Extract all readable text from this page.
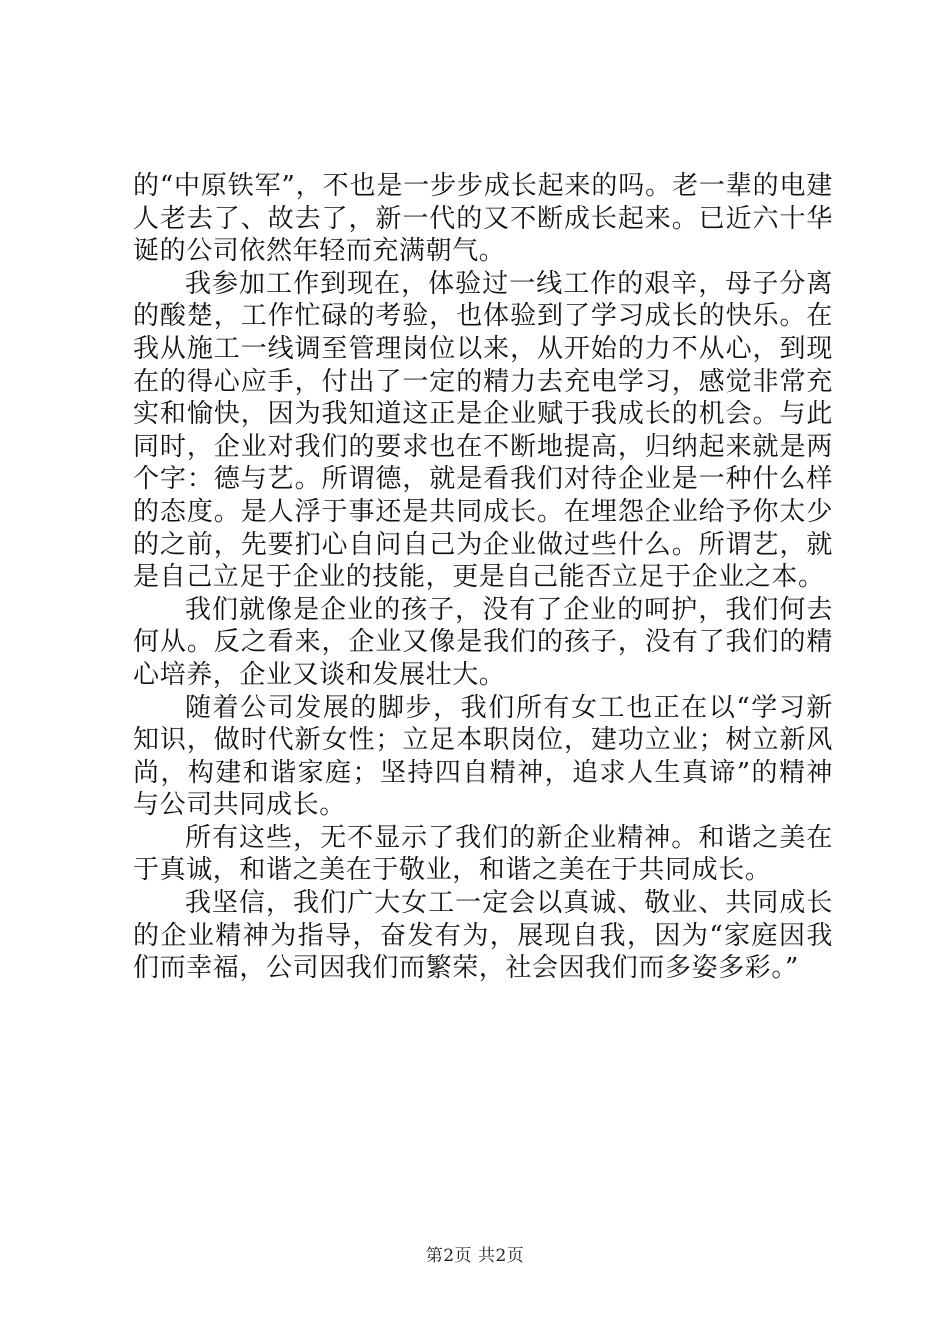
的“中原铁军”，不也是一步步成长起来的吗。老一辈的电建人老去了、故去了，新一代的又不断成长起来。已近六十华诞的公司依然年轻而充满朝气。

我参加工作到现在，体验过一线工作的艰辛，母子分离的酸楚，工作忙碌的考验，也体验到了学习成长的快乐。在我从施工一线调至管理岗位以来，从开始的力不从心，到现在的得心应手，付出了一定的精力去充电学习，感觉非常充实和愉快，因为我知道这正是企业赋于我成长的机会。与此同时，企业对我们的要求也在不断地提高，归纳起来就是两个字：德与艺。所谓德，就是看我们对待企业是一种什么样的态度。是人浮于事还是共同成长。在埋怨企业给予你太少的之前，先要扪心自问自己为企业做过些什么。所谓艺，就是自己立足于企业的技能，更是自己能否立足于企业之本。

我们就像是企业的孩子，没有了企业的呵护，我们何去何从。反之看来，企业又像是我们的孩子，没有了我们的精心培养，企业又谈和发展壮大。

随着公司发展的脚步，我们所有女工也正在以“学习新知识，做时代新女性；立足本职岗位，建功立业；树立新风尚，构建和谐家庭；坚持四自精神，追求人生真谛”的精神与公司共同成长。

所有这些，无不显示了我们的新企业精神。和谐之美在于真诚，和谐之美在于敬业，和谐之美在于共同成长。

我坚信，我们广大女工一定会以真诚、敬业、共同成长的企业精神为指导，奋发有为，展现自我，因为“家庭因我们而幸福，公司因我们而繁荣，社会因我们而多姿多彩。”

第2页 共2页
